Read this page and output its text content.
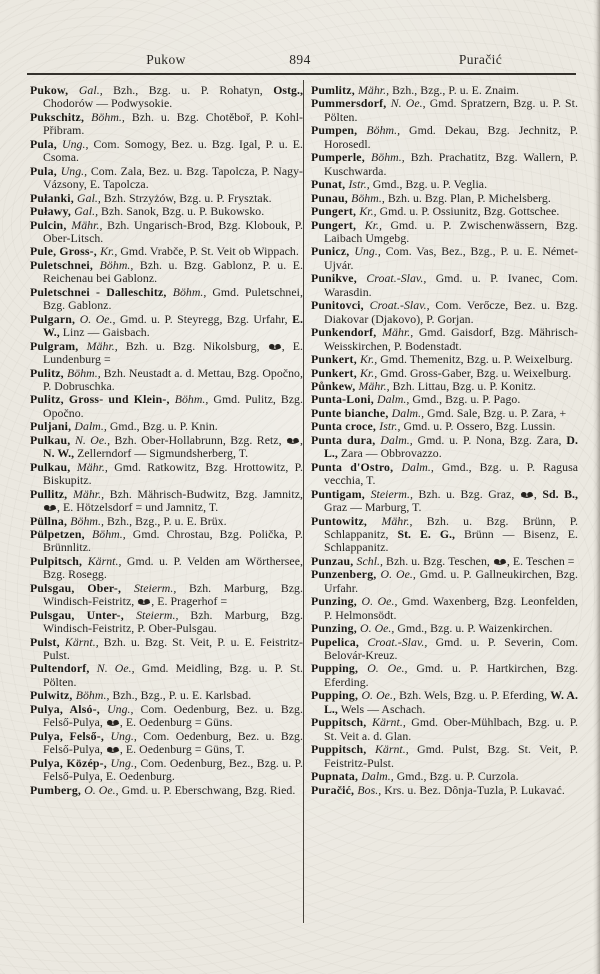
Pukow	894	Puračić

Pukow, Gal., Bzh., Bzg. u. P. Rohatyn, Ostg., Chodorów — Podwysokie.

Pukschitz, Böhm., Bzh. u. Bzg. Chotěboř, P. Kohl-Přibram.

Pula, Ung., Com. Somogy, Bez. u. Bzg. Igal, P. u. E. Csoma.

Pula, Ung., Com. Zala, Bez. u. Bzg. Tapolcza, P. Nagy-Vázsony, E. Tapolcza.

Pułanki, Gal., Bzh. Strzyżów, Bzg. u. P. Frysztak.

Puławy, Gal., Bzh. Sanok, Bzg. u. P. Bukowsko.

Pulcin, Mähr., Bzh. Ungarisch-Brod, Bzg. Klobouk, P. Ober-Litsch.

Pule, Gross-, Kr., Gmd. Vrabče, P. St. Veit ob Wippach.

Puletschnei, Böhm., Bzh. u. Bzg. Gablonz, P. u. E. Reichenau bei Gablonz.

Puletschnei - Dalleschitz, Böhm., Gmd. Puletschnei, Bzg. Gablonz.

Pulgarn, O. Oe., Gmd. u. P. Steyregg, Bzg. Urfahr, E. W., Linz — Gaisbach.

Pulgram, Mähr., Bzh. u. Bzg. Nikolsburg,
, E. Lundenburg =

Pulitz, Böhm., Bzh. Neustadt a. d. Mettau, Bzg. Opočno, P. Dobruschka.

Pulitz, Gross- und Klein-, Böhm., Gmd. Pulitz, Bzg. Opočno.

Puljani, Dalm., Gmd., Bzg. u. P. Knin.

Pulkau, N. Oe., Bzh. Ober-Hollabrunn, Bzg. Retz,
, N. W., Zellerndorf — Sigmundsherberg, T.

Pulkau, Mähr., Gmd. Ratkowitz, Bzg. Hrottowitz, P. Biskupitz.

Pullitz, Mähr., Bzh. Mährisch-Budwitz, Bzg. Jamnitz,
, E. Hötzelsdorf = und Jamnitz, T.

Püllna, Böhm., Bzh., Bzg., P. u. E. Brüx.

Pülpetzen, Böhm., Gmd. Chrostau, Bzg. Polička, P. Brünnlitz.

Pulpitsch, Kärnt., Gmd. u. P. Velden am Wörthersee, Bzg. Rosegg.

Pulsgau, Ober-, Steierm., Bzh. Marburg, Bzg. Windisch-Feistritz,
, E. Pragerhof =

Pulsgau, Unter-, Steierm., Bzh. Marburg, Bzg. Windisch-Feistritz, P. Ober-Pulsgau.

Pulst, Kärnt., Bzh. u. Bzg. St. Veit, P. u. E. Feistritz-Pulst.

Pultendorf, N. Oe., Gmd. Meidling, Bzg. u. P. St. Pölten.

Pulwitz, Böhm., Bzh., Bzg., P. u. E. Karlsbad.

Pulya, Alsó-, Ung., Com. Oedenburg, Bez. u. Bzg. Felső-Pulya,
, E. Oedenburg = Güns.

Pulya, Felső-, Ung., Com. Oedenburg, Bez. u. Bzg. Felső-Pulya,
, E. Oedenburg = Güns, T.

Pulya, Közép-, Ung., Com. Oedenburg, Bez., Bzg. u. P. Felső-Pulya, E. Oedenburg.

Pumberg, O. Oe., Gmd. u. P. Eberschwang, Bzg. Ried.

Pumlitz, Mähr., Bzh., Bzg., P. u. E. Znaim.

Pummersdorf, N. Oe., Gmd. Spratzern, Bzg. u. P. St. Pölten.

Pumpen, Böhm., Gmd. Dekau, Bzg. Jechnitz, P. Horosedl.

Pumperle, Böhm., Bzh. Prachatitz, Bzg. Wallern, P. Kuschwarda.

Punat, Istr., Gmd., Bzg. u. P. Veglia.

Punau, Böhm., Bzh. u. Bzg. Plan, P. Michelsberg.

Pungert, Kr., Gmd. u. P. Ossiunitz, Bzg. Gottschee.

Pungert, Kr., Gmd. u. P. Zwischenwässern, Bzg. Laibach Umgebg.

Punicz, Ung., Com. Vas, Bez., Bzg., P. u. E. Német-Ujvár.

Punikve, Croat.-Slav., Gmd. u. P. Ivanec, Com. Warasdin.

Punitovci, Croat.-Slav., Com. Verőcze, Bez. u. Bzg. Diakovar (Djakovo), P. Gorjan.

Punkendorf, Mähr., Gmd. Gaisdorf, Bzg. Mährisch-Weisskirchen, P. Bodenstadt.

Punkert, Kr., Gmd. Themenitz, Bzg. u. P. Weixelburg.

Punkert, Kr., Gmd. Gross-Gaber, Bzg. u. Weixelburg.

Půnkew, Mähr., Bzh. Littau, Bzg. u. P. Konitz.

Punta-Loni, Dalm., Gmd., Bzg. u. P. Pago.

Punte bianche, Dalm., Gmd. Sale, Bzg. u. P. Zara, +

Punta croce, Istr., Gmd. u. P. Ossero, Bzg. Lussin.

Punta dura, Dalm., Gmd. u. P. Nona, Bzg. Zara, D. L., Zara — Obbrovazzo.

Punta d'Ostro, Dalm., Gmd., Bzg. u. P. Ragusa vecchia, T.

Puntigam, Steierm., Bzh. u. Bzg. Graz,
, Sd. B., Graz — Marburg, T.

Puntowitz, Mähr., Bzh. u. Bzg. Brünn, P. Schlappanitz, St. E. G., Brünn — Bisenz, E. Schlappanitz.

Punzau, Schl., Bzh. u. Bzg. Teschen,
, E. Teschen =

Punzenberg, O. Oe., Gmd. u. P. Gallneukirchen, Bzg. Urfahr.

Punzing, O. Oe., Gmd. Waxenberg, Bzg. Leonfelden, P. Helmonsödt.

Punzing, O. Oe., Gmd., Bzg. u. P. Waizenkirchen.

Pupelica, Croat.-Slav., Gmd. u. P. Severin, Com. Belovár-Kreuz.

Pupping, O. Oe., Gmd. u. P. Hartkirchen, Bzg. Eferding.

Pupping, O. Oe., Bzh. Wels, Bzg. u. P. Eferding, W. A. L., Wels — Aschach.

Puppitsch, Kärnt., Gmd. Ober-Mühlbach, Bzg. u. P. St. Veit a. d. Glan.

Puppitsch, Kärnt., Gmd. Pulst, Bzg. St. Veit, P. Feistritz-Pulst.

Pupnata, Dalm., Gmd., Bzg. u. P. Curzola.

Puračić, Bos., Krs. u. Bez. Dônja-Tuzla, P. Lukavać.
